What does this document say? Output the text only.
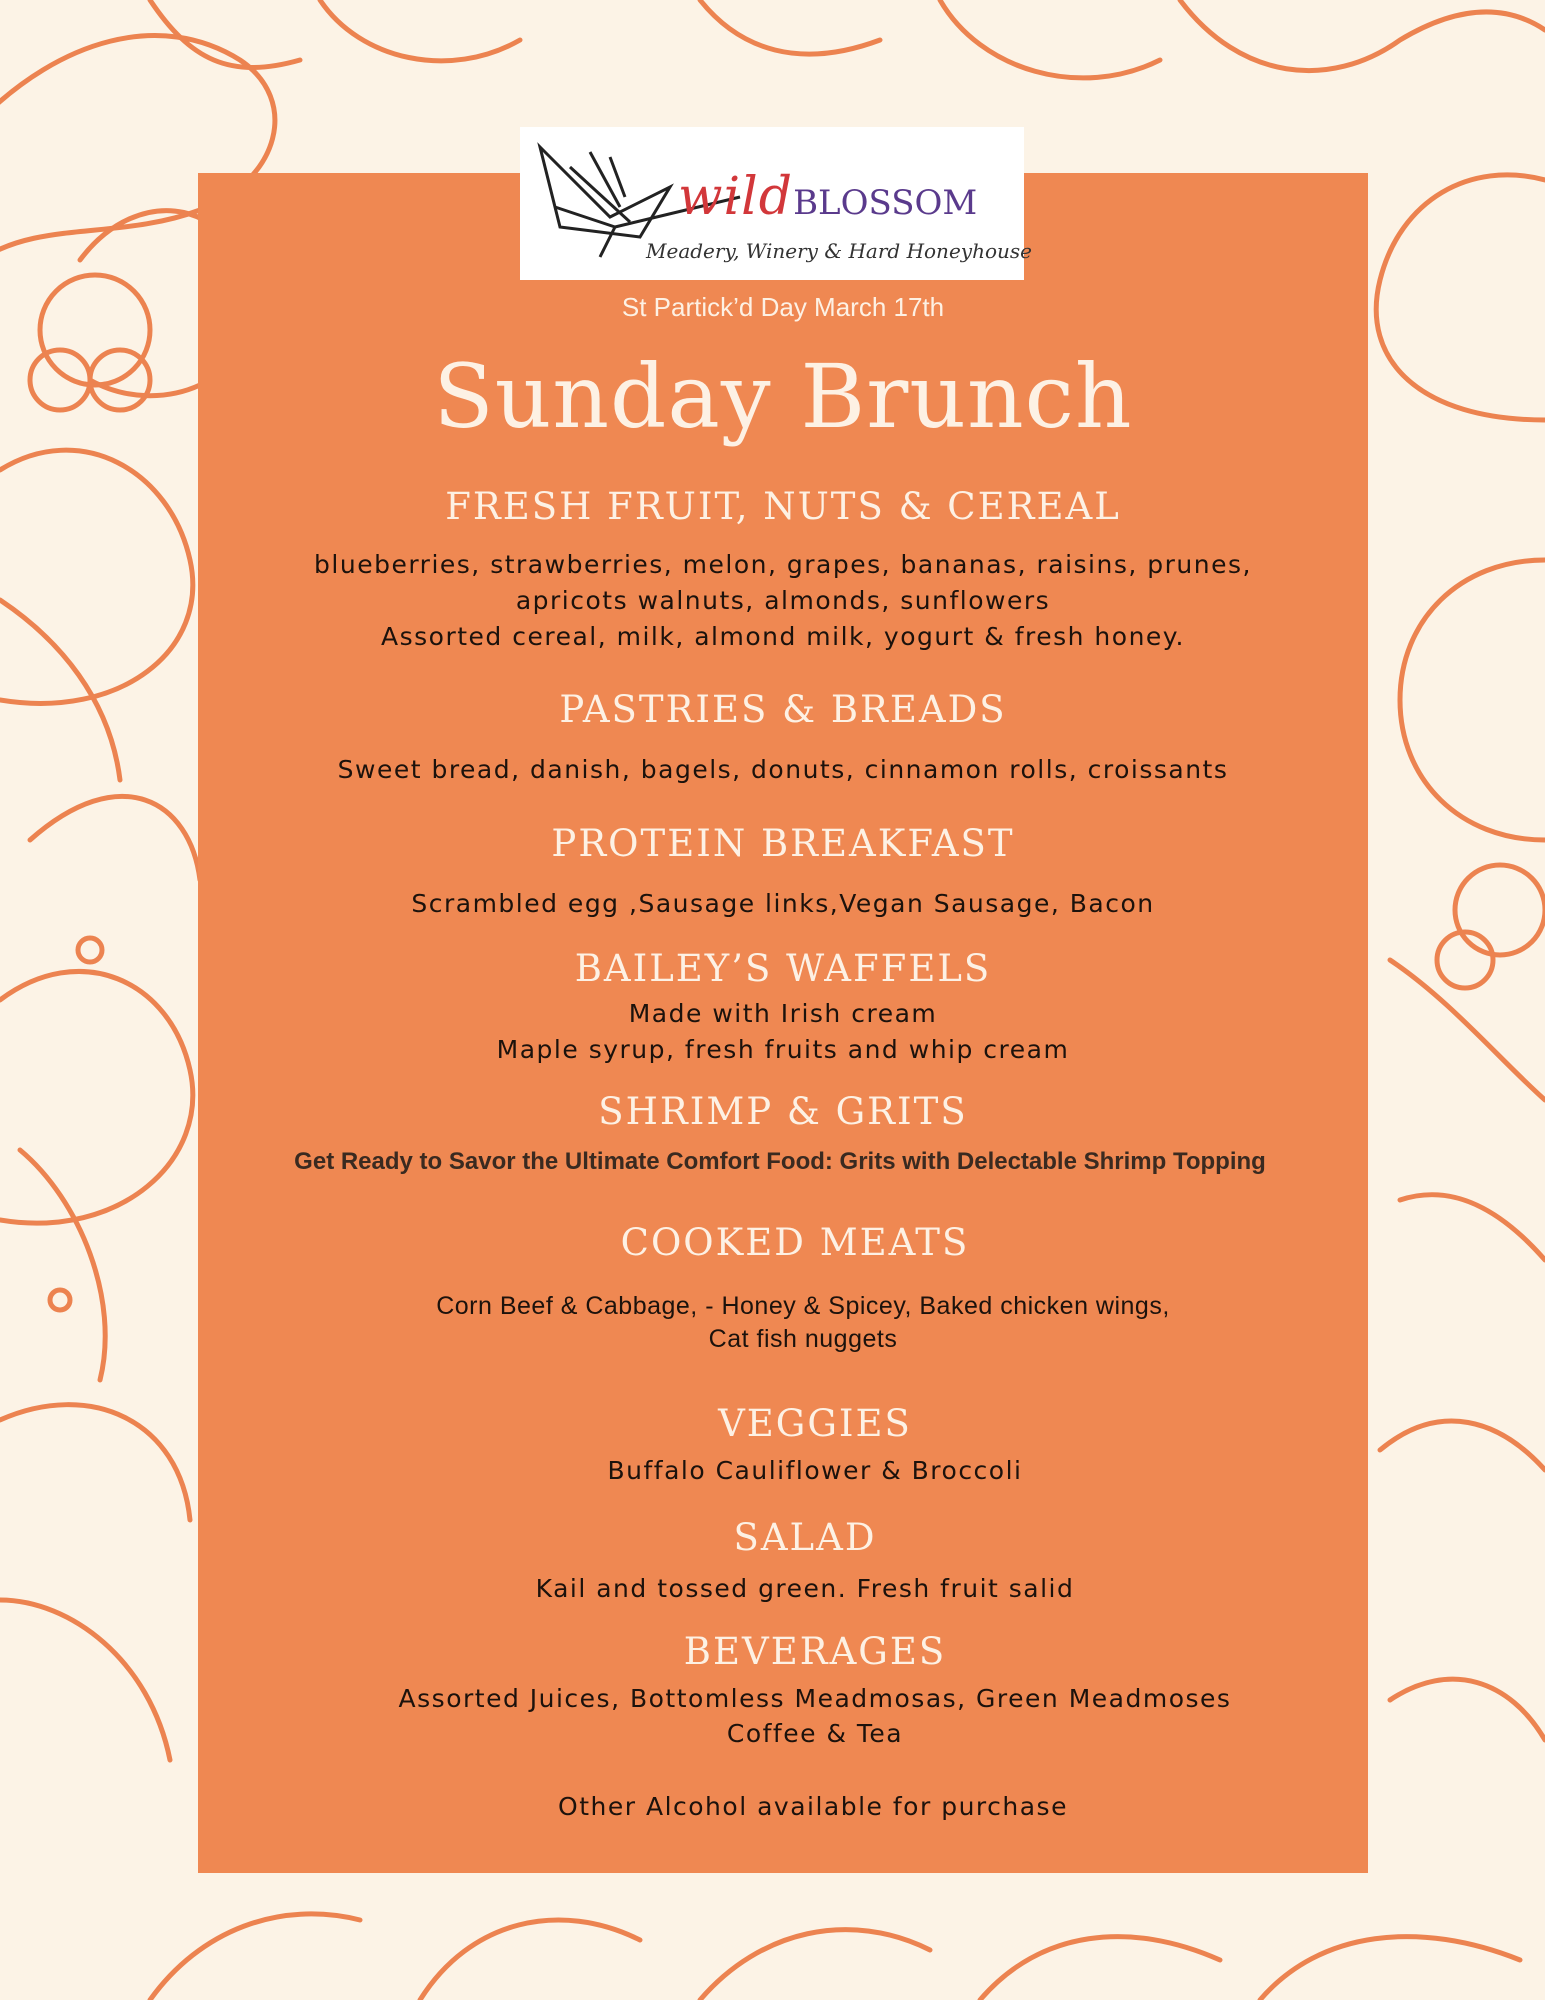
wildBLOSSOM
Meadery, Winery & Hard Honeyhouse
St Partick’d Day March 17th
Sunday Brunch
FRESH FRUIT, NUTS & CEREAL
blueberries, strawberries, melon, grapes, bananas, raisins, prunes,
apricots walnuts, almonds, sunflowers
Assorted cereal, milk, almond milk, yogurt & fresh honey.
PASTRIES & BREADS
Sweet bread, danish, bagels, donuts, cinnamon rolls, croissants
PROTEIN BREAKFAST
Scrambled egg ,Sausage links,Vegan Sausage, Bacon
BAILEY’S WAFFELS
Made with Irish cream
Maple syrup, fresh fruits and whip cream
SHRIMP & GRITS
Get Ready to Savor the Ultimate Comfort Food: Grits with Delectable Shrimp Topping
COOKED MEATS
Corn Beef & Cabbage, - Honey & Spicey, Baked chicken wings,
Cat fish nuggets
VEGGIES
Buffalo Cauliflower & Broccoli
SALAD
Kail and tossed green. Fresh fruit salid
BEVERAGES
Assorted Juices, Bottomless Meadmosas, Green Meadmoses
Coffee & Tea
Other Alcohol available for purchase
